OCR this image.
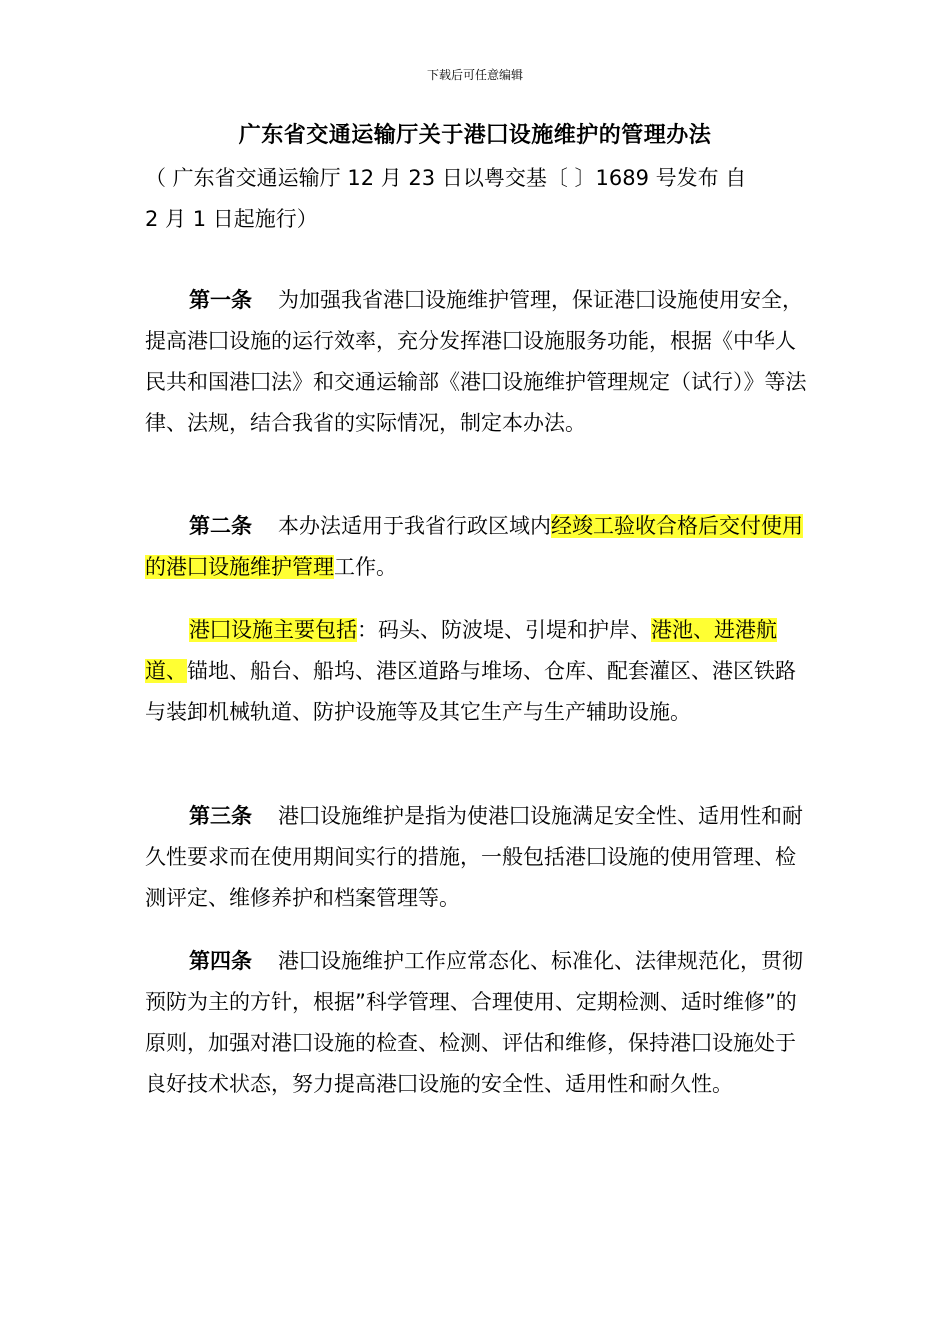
下载后可任意编辑
广东省交通运输厅关于港囗设施维护的管理办法
（ 广东省交通运输厅 12 月 23 日以粤交基〔 〕1689 号发布 自
2 月 1 日起施行）
第一条 为加强我省港囗设施维护管理，保证港囗设施使用安全，提高港囗设施的运行效率，充分发挥港囗设施服务功能，根据《中华人民共和国港囗法》和交通运输部《港囗设施维护管理规定（试行）》等法律、法规，结合我省的实际情况，制定本办法。
第二条 本办法适用于我省行政区域内经竣工验收合格后交付使用的港囗设施维护管理工作。
港囗设施主要包括：码头、防波堤、引堤和护岸、港池、进港航道、锚地、船台、船坞、港区道路与堆场、仓库、配套灌区、港区铁路与装卸机械轨道、防护设施等及其它生产与生产辅助设施。
第三条 港囗设施维护是指为使港囗设施满足安全性、适用性和耐久性要求而在使用期间实行的措施，一般包括港囗设施的使用管理、检测评定、维修养护和档案管理等。
第四条 港囗设施维护工作应常态化、标准化、法律规范化，贯彻预防为主的方针，根据”科学管理、合理使用、定期检测、适时维修”的原则，加强对港囗设施的检查、检测、评估和维修，保持港囗设施处于良好技术状态，努力提高港囗设施的安全性、适用性和耐久性。
